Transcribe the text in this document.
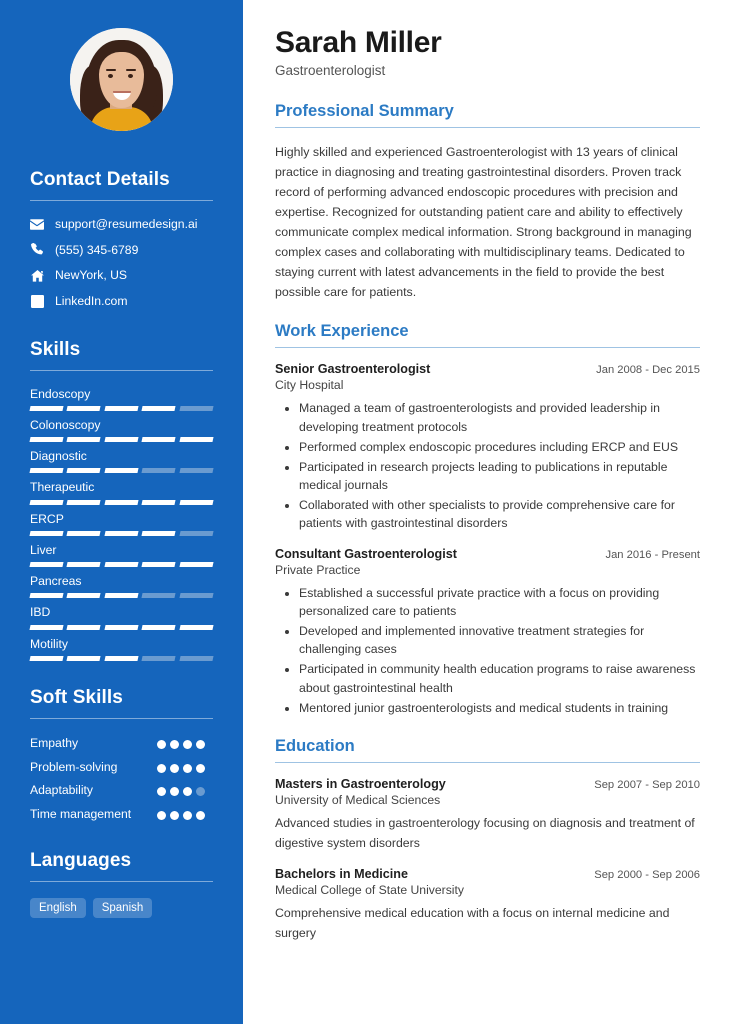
Contact Details
support@resumedesign.ai
(555) 345-6789
NewYork, US
LinkedIn.com
Skills
Endoscopy
Colonoscopy
Diagnostic
Therapeutic
ERCP
Liver
Pancreas
IBD
Motility
Soft Skills
Empathy
Problem-solving
Adaptability
Time management
Languages
English	Spanish
Sarah Miller
Gastroenterologist
Professional Summary

Highly skilled and experienced Gastroenterologist with 13 years of clinical practice in diagnosing and treating gastrointestinal disorders. Proven track record of performing advanced endoscopic procedures with precision and expertise. Recognized for outstanding patient care and ability to effectively communicate complex medical information. Strong background in managing complex cases and collaborating with multidisciplinary teams. Dedicated to staying current with latest advancements in the field to provide the best possible care for patients.

Work Experience
Senior Gastroenterologist	Jan 2008 - Dec 2015
City Hospital
• Managed a team of gastroenterologists and provided leadership in developing treatment protocols
• Performed complex endoscopic procedures including ERCP and EUS
• Participated in research projects leading to publications in reputable medical journals
• Collaborated with other specialists to provide comprehensive care for patients with gastrointestinal disorders
Consultant Gastroenterologist	Jan 2016 - Present
Private Practice
• Established a successful private practice with a focus on providing personalized care to patients
• Developed and implemented innovative treatment strategies for challenging cases
• Participated in community health education programs to raise awareness about gastrointestinal health
• Mentored junior gastroenterologists and medical students in training
Education
Masters in Gastroenterology	Sep 2007 - Sep 2010
University of Medical Sciences
Advanced studies in gastroenterology focusing on diagnosis and treatment of digestive system disorders
Bachelors in Medicine	Sep 2000 - Sep 2006
Medical College of State University
Comprehensive medical education with a focus on internal medicine and surgery
